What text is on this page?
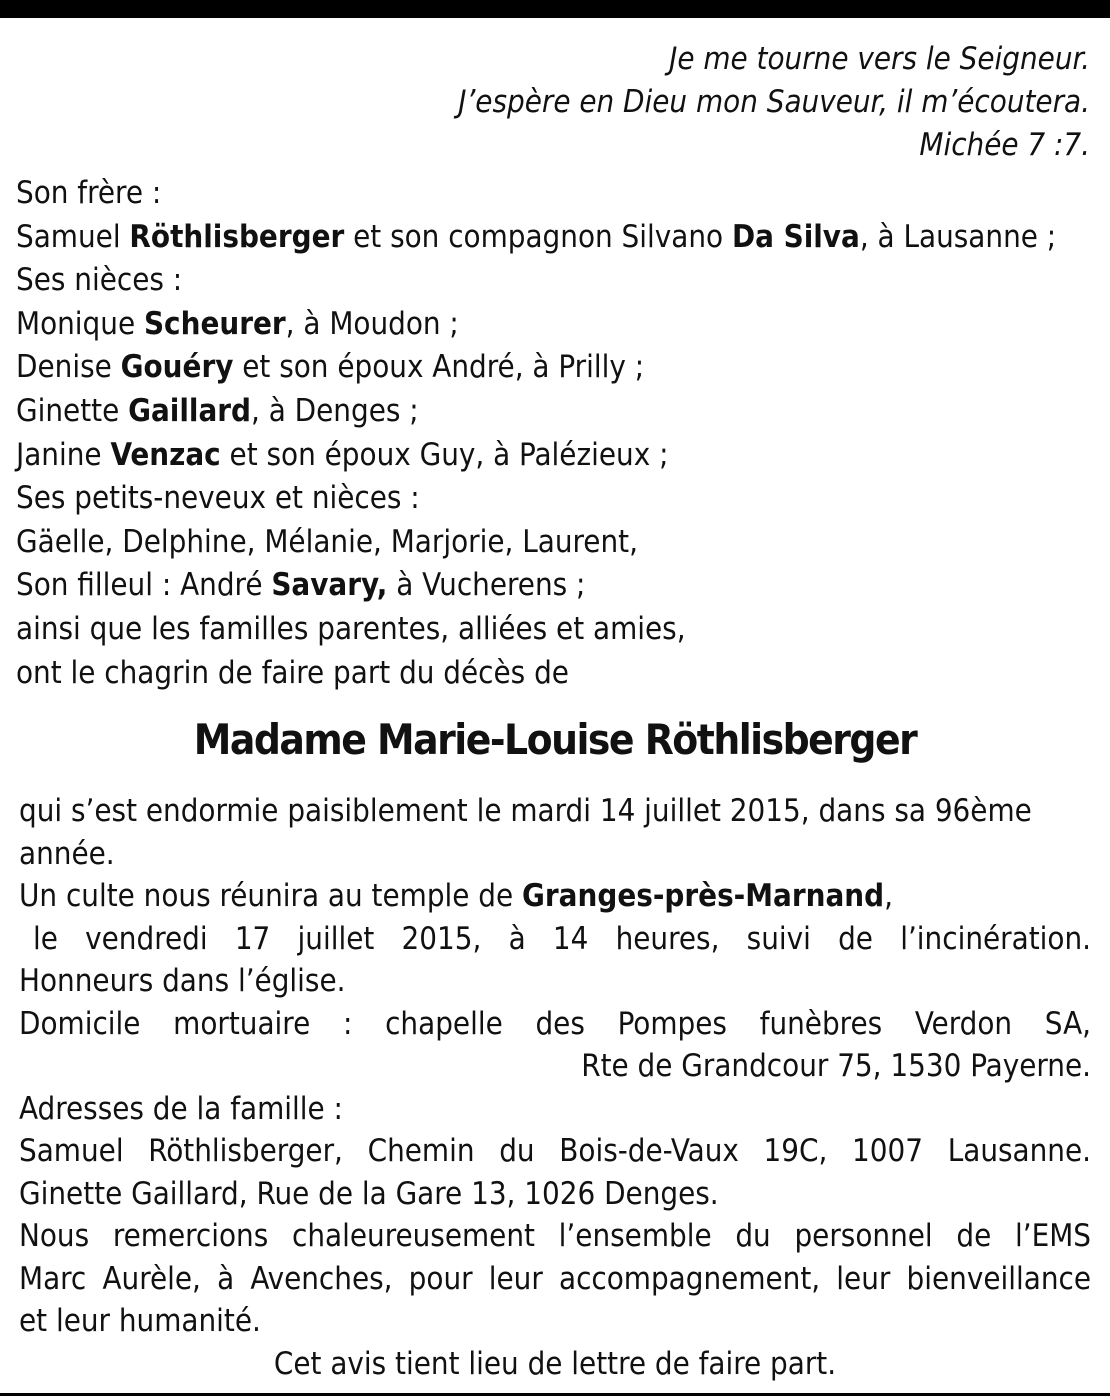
Je me tourne vers le Seigneur.
J’espère en Dieu mon Sauveur, il m’écoutera.
Michée 7 :7.
Son frère :
Samuel Röthlisberger et son compagnon Silvano Da Silva, à Lausanne ;
Ses nièces :
Monique Scheurer, à Moudon ;
Denise Gouéry et son époux André, à Prilly ;
Ginette Gaillard, à Denges ;
Janine Venzac et son époux Guy, à Palézieux ;
Ses petits-neveux et nièces :
Gäelle, Delphine, Mélanie, Marjorie, Laurent,
Son filleul : André Savary, à Vucherens ;
ainsi que les familles parentes, alliées et amies,
ont le chagrin de faire part du décès de
Madame Marie-Louise Röthlisberger
qui s’est endormie paisiblement le mardi 14 juillet 2015, dans sa 96ème
année.
Un culte nous réunira au temple de Granges-près-Marnand,
le vendredi 17 juillet 2015, à 14 heures, suivi de l’incinération.
Honneurs dans l’église.
Domicile mortuaire : chapelle des Pompes funèbres Verdon SA,
Rte de Grandcour 75, 1530 Payerne.
Adresses de la famille :
Samuel Röthlisberger, Chemin du Bois-de-Vaux 19C, 1007 Lausanne.
Ginette Gaillard, Rue de la Gare 13, 1026 Denges.
Nous remercions chaleureusement l’ensemble du personnel de l’EMS
Marc Aurèle, à Avenches, pour leur accompagnement, leur bienveillance
et leur humanité.
Cet avis tient lieu de lettre de faire part.
